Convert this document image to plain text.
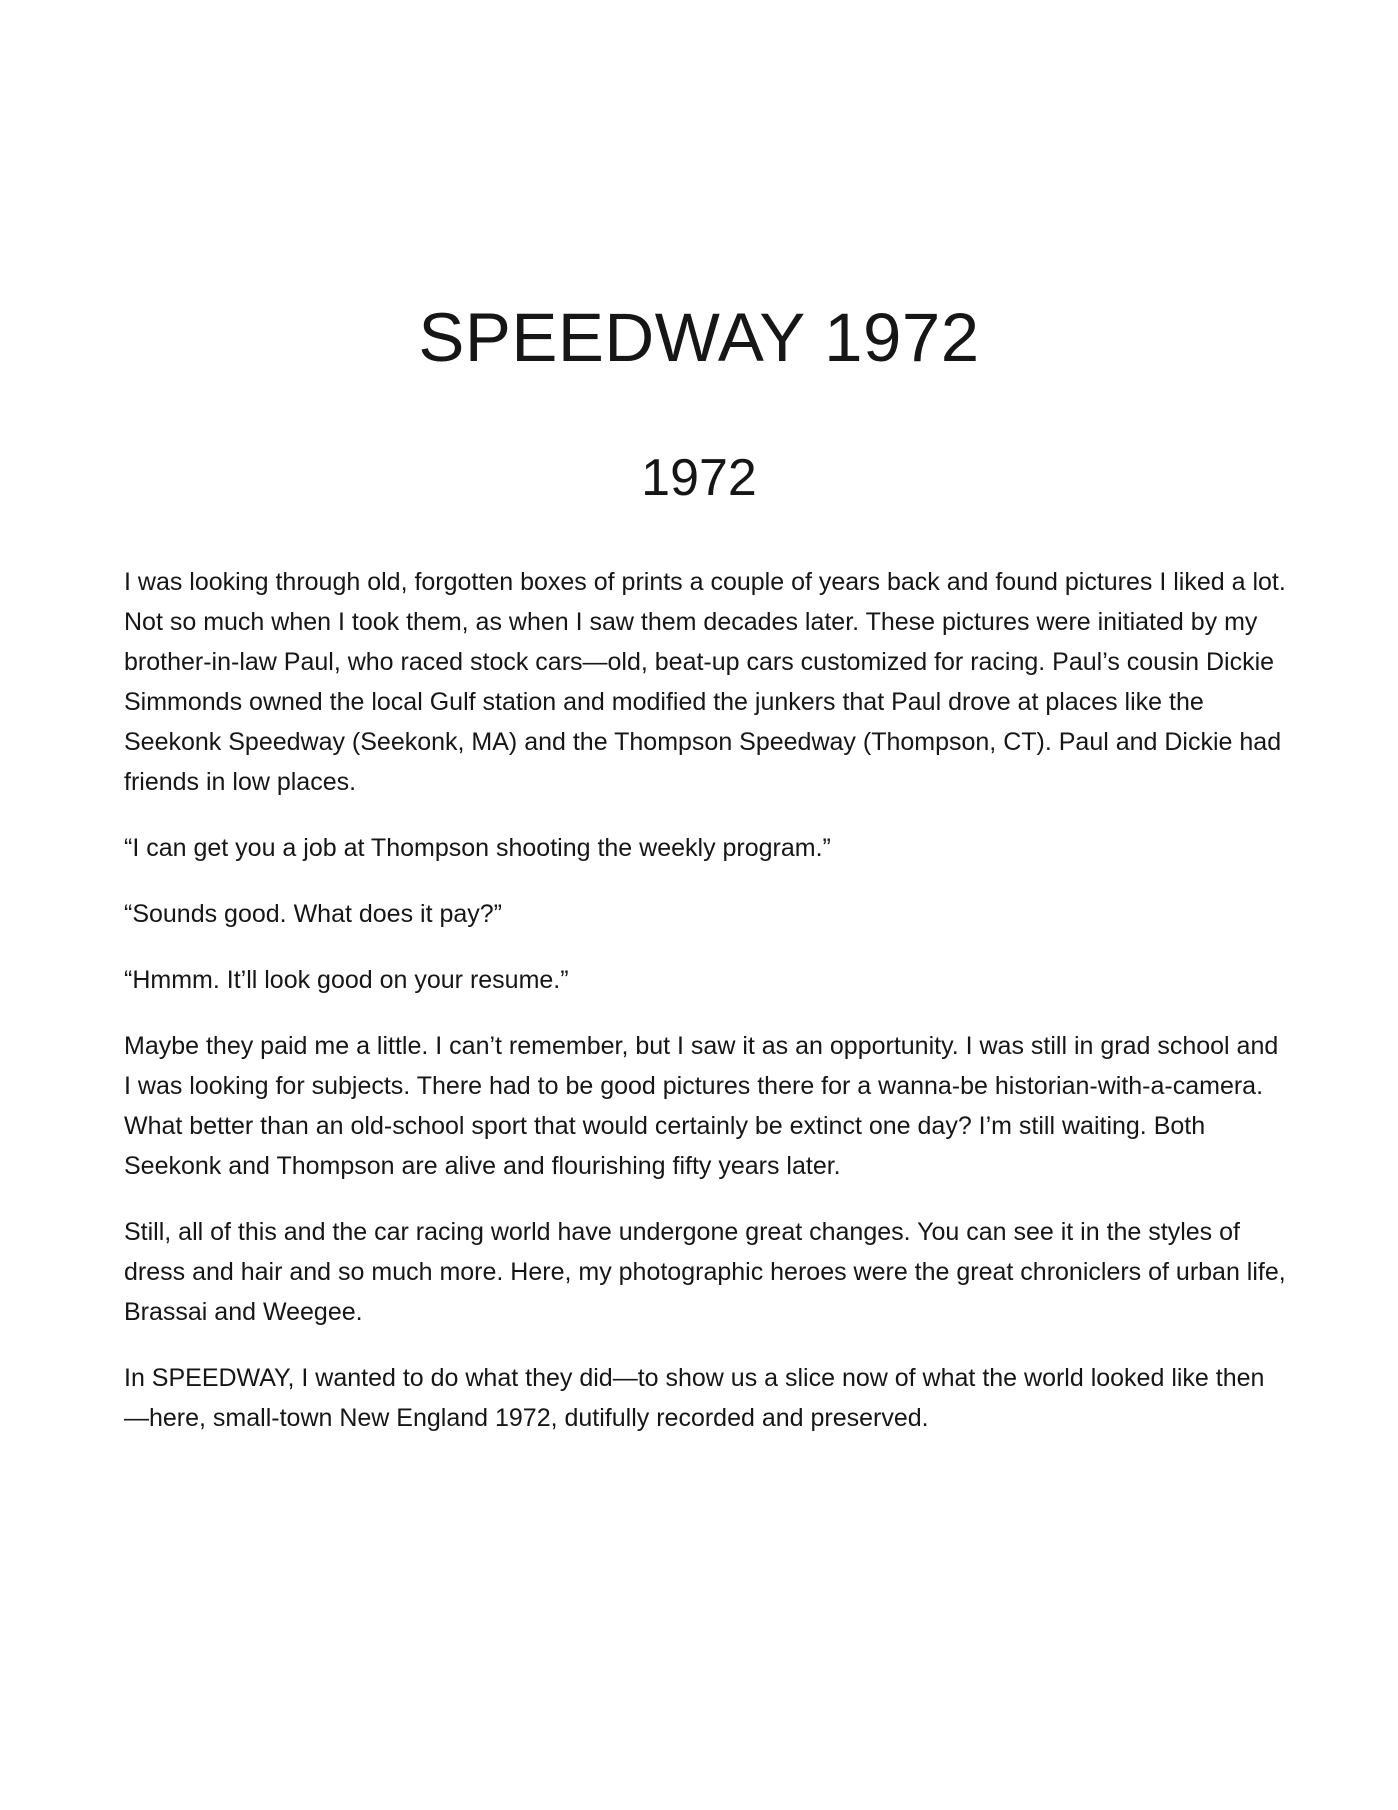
SPEEDWAY 1972
1972

I was looking through old, forgotten boxes of prints a couple of years back and found pictures I liked a lot. Not so much when I took them, as when I saw them decades later. These pictures were initiated by my brother-in-law Paul, who raced stock cars—old, beat-up cars customized for racing. Paul’s cousin Dickie Simmonds owned the local Gulf station and modified the junkers that Paul drove at places like the Seekonk Speedway (Seekonk, MA) and the Thompson Speedway (Thompson, CT). Paul and Dickie had friends in low places.

“I can get you a job at Thompson shooting the weekly program.”

“Sounds good. What does it pay?”

“Hmmm. It’ll look good on your resume.”

Maybe they paid me a little. I can’t remember, but I saw it as an opportunity. I was still in grad school and I was looking for subjects. There had to be good pictures there for a wanna-be historian-with-a-camera. What better than an old-school sport that would certainly be extinct one day? I’m still waiting. Both Seekonk and Thompson are alive and flourishing fifty years later.

Still, all of this and the car racing world have undergone great changes. You can see it in the styles of dress and hair and so much more. Here, my photographic heroes were the great chroniclers of urban life, Brassai and Weegee.

In SPEEDWAY, I wanted to do what they did—to show us a slice now of what the world looked like then—here, small-town New England 1972, dutifully recorded and preserved.
